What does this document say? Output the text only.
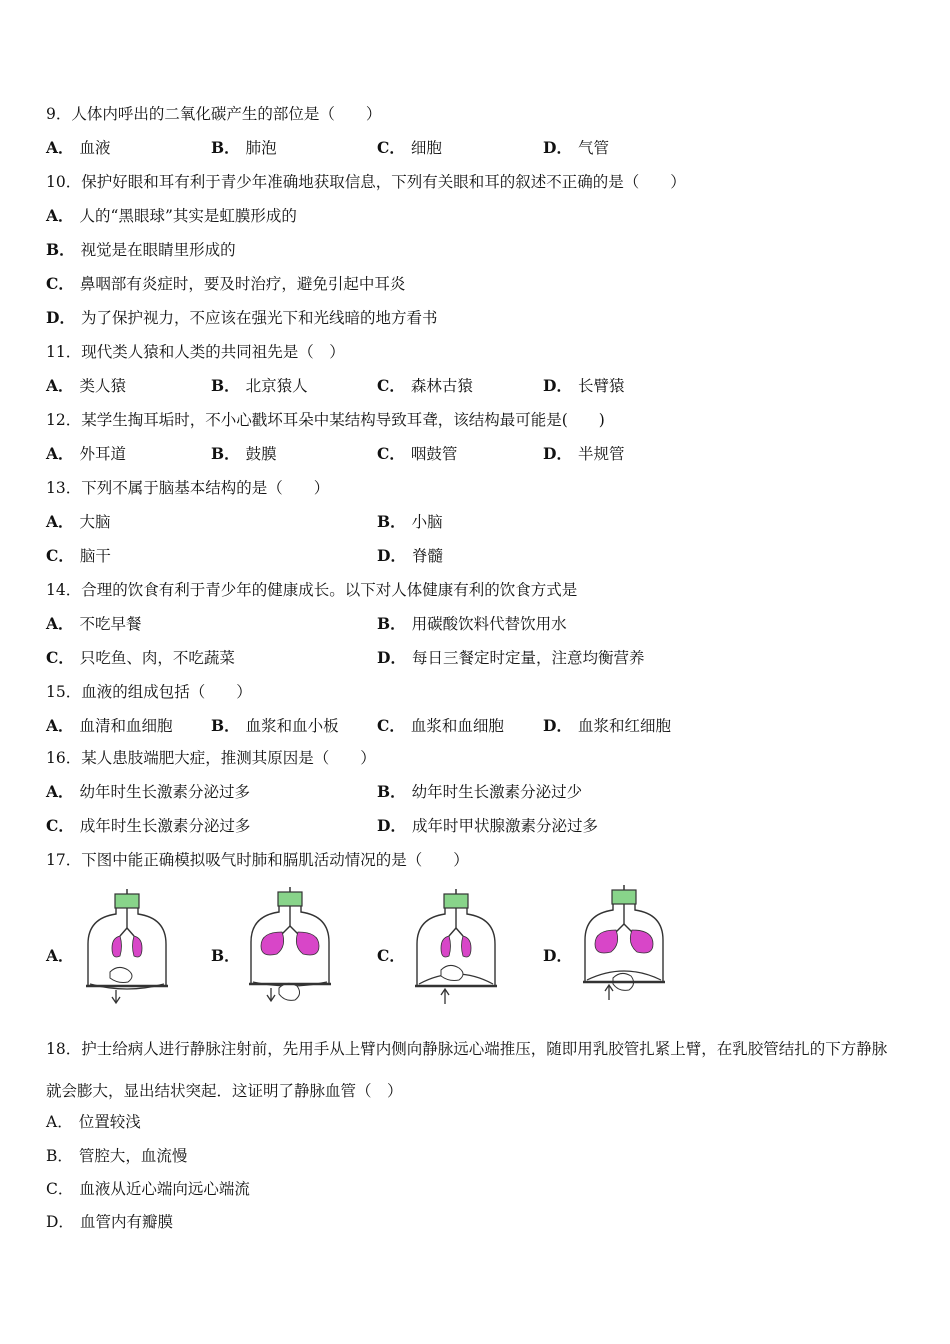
9．人体内呼出的二氧化碳产生的部位是（　　）
A． 血液	B． 肺泡	C． 细胞	D． 气管
10．保护好眼和耳有利于青少年准确地获取信息，下列有关眼和耳的叙述不正确的是（　　）
A． 人的“黑眼球”其实是虹膜形成的
B． 视觉是在眼睛里形成的
C． 鼻咽部有炎症时，要及时治疗，避免引起中耳炎
D． 为了保护视力，不应该在强光下和光线暗的地方看书
11．现代类人猿和人类的共同祖先是（　）
A． 类人猿	B． 北京猿人	C． 森林古猿	D． 长臂猿
12．某学生掏耳垢时，不小心戳坏耳朵中某结构导致耳聋，该结构最可能是(　　)
A． 外耳道	B． 鼓膜	C． 咽鼓管	D． 半规管
13．下列不属于脑基本结构的是（　　）
A． 大脑	B． 小脑
C． 脑干	D． 脊髓
14．合理的饮食有利于青少年的健康成长。以下对人体健康有利的饮食方式是
A． 不吃早餐	B． 用碳酸饮料代替饮用水
C． 只吃鱼、肉，不吃蔬菜	D． 每日三餐定时定量，注意均衡营养
15．血液的组成包括（　　）
A． 血清和血细胞 B． 血浆和血小板 C． 血浆和血细胞	D． 血浆和红细胞
16．某人患肢端肥大症，推测其原因是（　　）
A． 幼年时生长激素分泌过多	B． 幼年时生长激素分泌过少
C． 成年时生长激素分泌过多	D． 成年时甲状腺激素分泌过多
17．下图中能正确模拟吸气时肺和膈肌活动情况的是（　　）
A．	B．	C．	D．
18．护士给病人进行静脉注射前，先用手从上臂内侧向静脉远心端推压，随即用乳胶管扎紧上臂，在乳胶管结扎的下方静脉就会膨大，显出结状突起．这证明了静脉血管（　）
A． 位置较浅
B． 管腔大，血流慢
C． 血液从近心端向远心端流
D． 血管内有瓣膜
